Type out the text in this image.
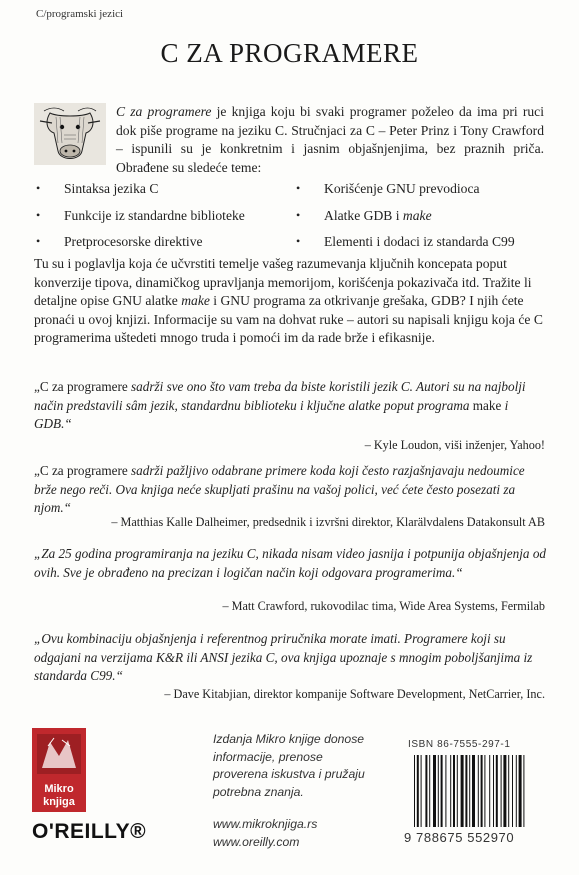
C/programski jezici
C ZA PROGRAMERE
C za programere je knjiga koju bi svaki programer poželeo da ima pri ruci dok piše programe na jeziku C. Stručnjaci za C – Peter Prinz i Tony Crawford – ispunili su je konkretnim i jasnim objašnjenjima, bez praznih priča. Obrađene su sledeće teme:
• Sintaksa jezika C
• Funkcije iz standardne biblioteke
• Pretprocesorske direktive
• Korišćenje GNU prevodioca
• Alatke GDB i make
• Elementi i dodaci iz standarda C99
Tu su i poglavlja koja će učvrstiti temelje vašeg razumevanja ključnih koncepata poput konverzije tipova, dinamičkog upravljanja memorijom, korišćenja pokazivača itd. Tražite li detaljne opise GNU alatke make i GNU programa za otkrivanje grešaka, GDB? I njih ćete pronaći u ovoj knjizi. Informacije su vam na dohvat ruke – autori su napisali knjigu koja će C programerima uštedeti mnogo truda i pomoći im da rade brže i efikasnije.
„C za programere sadrži sve ono što vam treba da biste koristili jezik C. Autori su na najbolji način predstavili sâm jezik, standardnu biblioteku i ključne alatke poput programa make i GDB.“
– Kyle Loudon, viši inženjer, Yahoo!
„C za programere sadrži pažljivo odabrane primere koda koji često razjašnjavaju nedoumice brže nego reči. Ova knjiga neće skupljati prašinu na vašoj polici, već ćete često posezati za njom.“
– Matthias Kalle Dalheimer, predsednik i izvršni direktor, Klarälvdalens Datakonsult AB
„Za 25 godina programiranja na jeziku C, nikada nisam video jasnija i potpunija objašnjenja od ovih. Sve je obrađeno na precizan i logičan način koji odgovara programerima.“
– Matt Crawford, rukovodilac tima, Wide Area Systems, Fermilab
„Ovu kombinaciju objašnjenja i referentnog priručnika morate imati. Programere koji su odgajani na verzijama K&R ili ANSI jezika C, ova knjiga upoznaje s mnogim poboljšanjima iz standarda C99.“
– Dave Kitabjian, direktor kompanije Software Development, NetCarrier, Inc.
Mikro
knjiga
O'REILLY®
Izdanja Mikro knjige donose informacije, prenose proverena iskustva i pružaju potrebna znanja.
www.mikroknjiga.rs
www.oreilly.com
ISBN 86-7555-297-1
9 788675 552970
